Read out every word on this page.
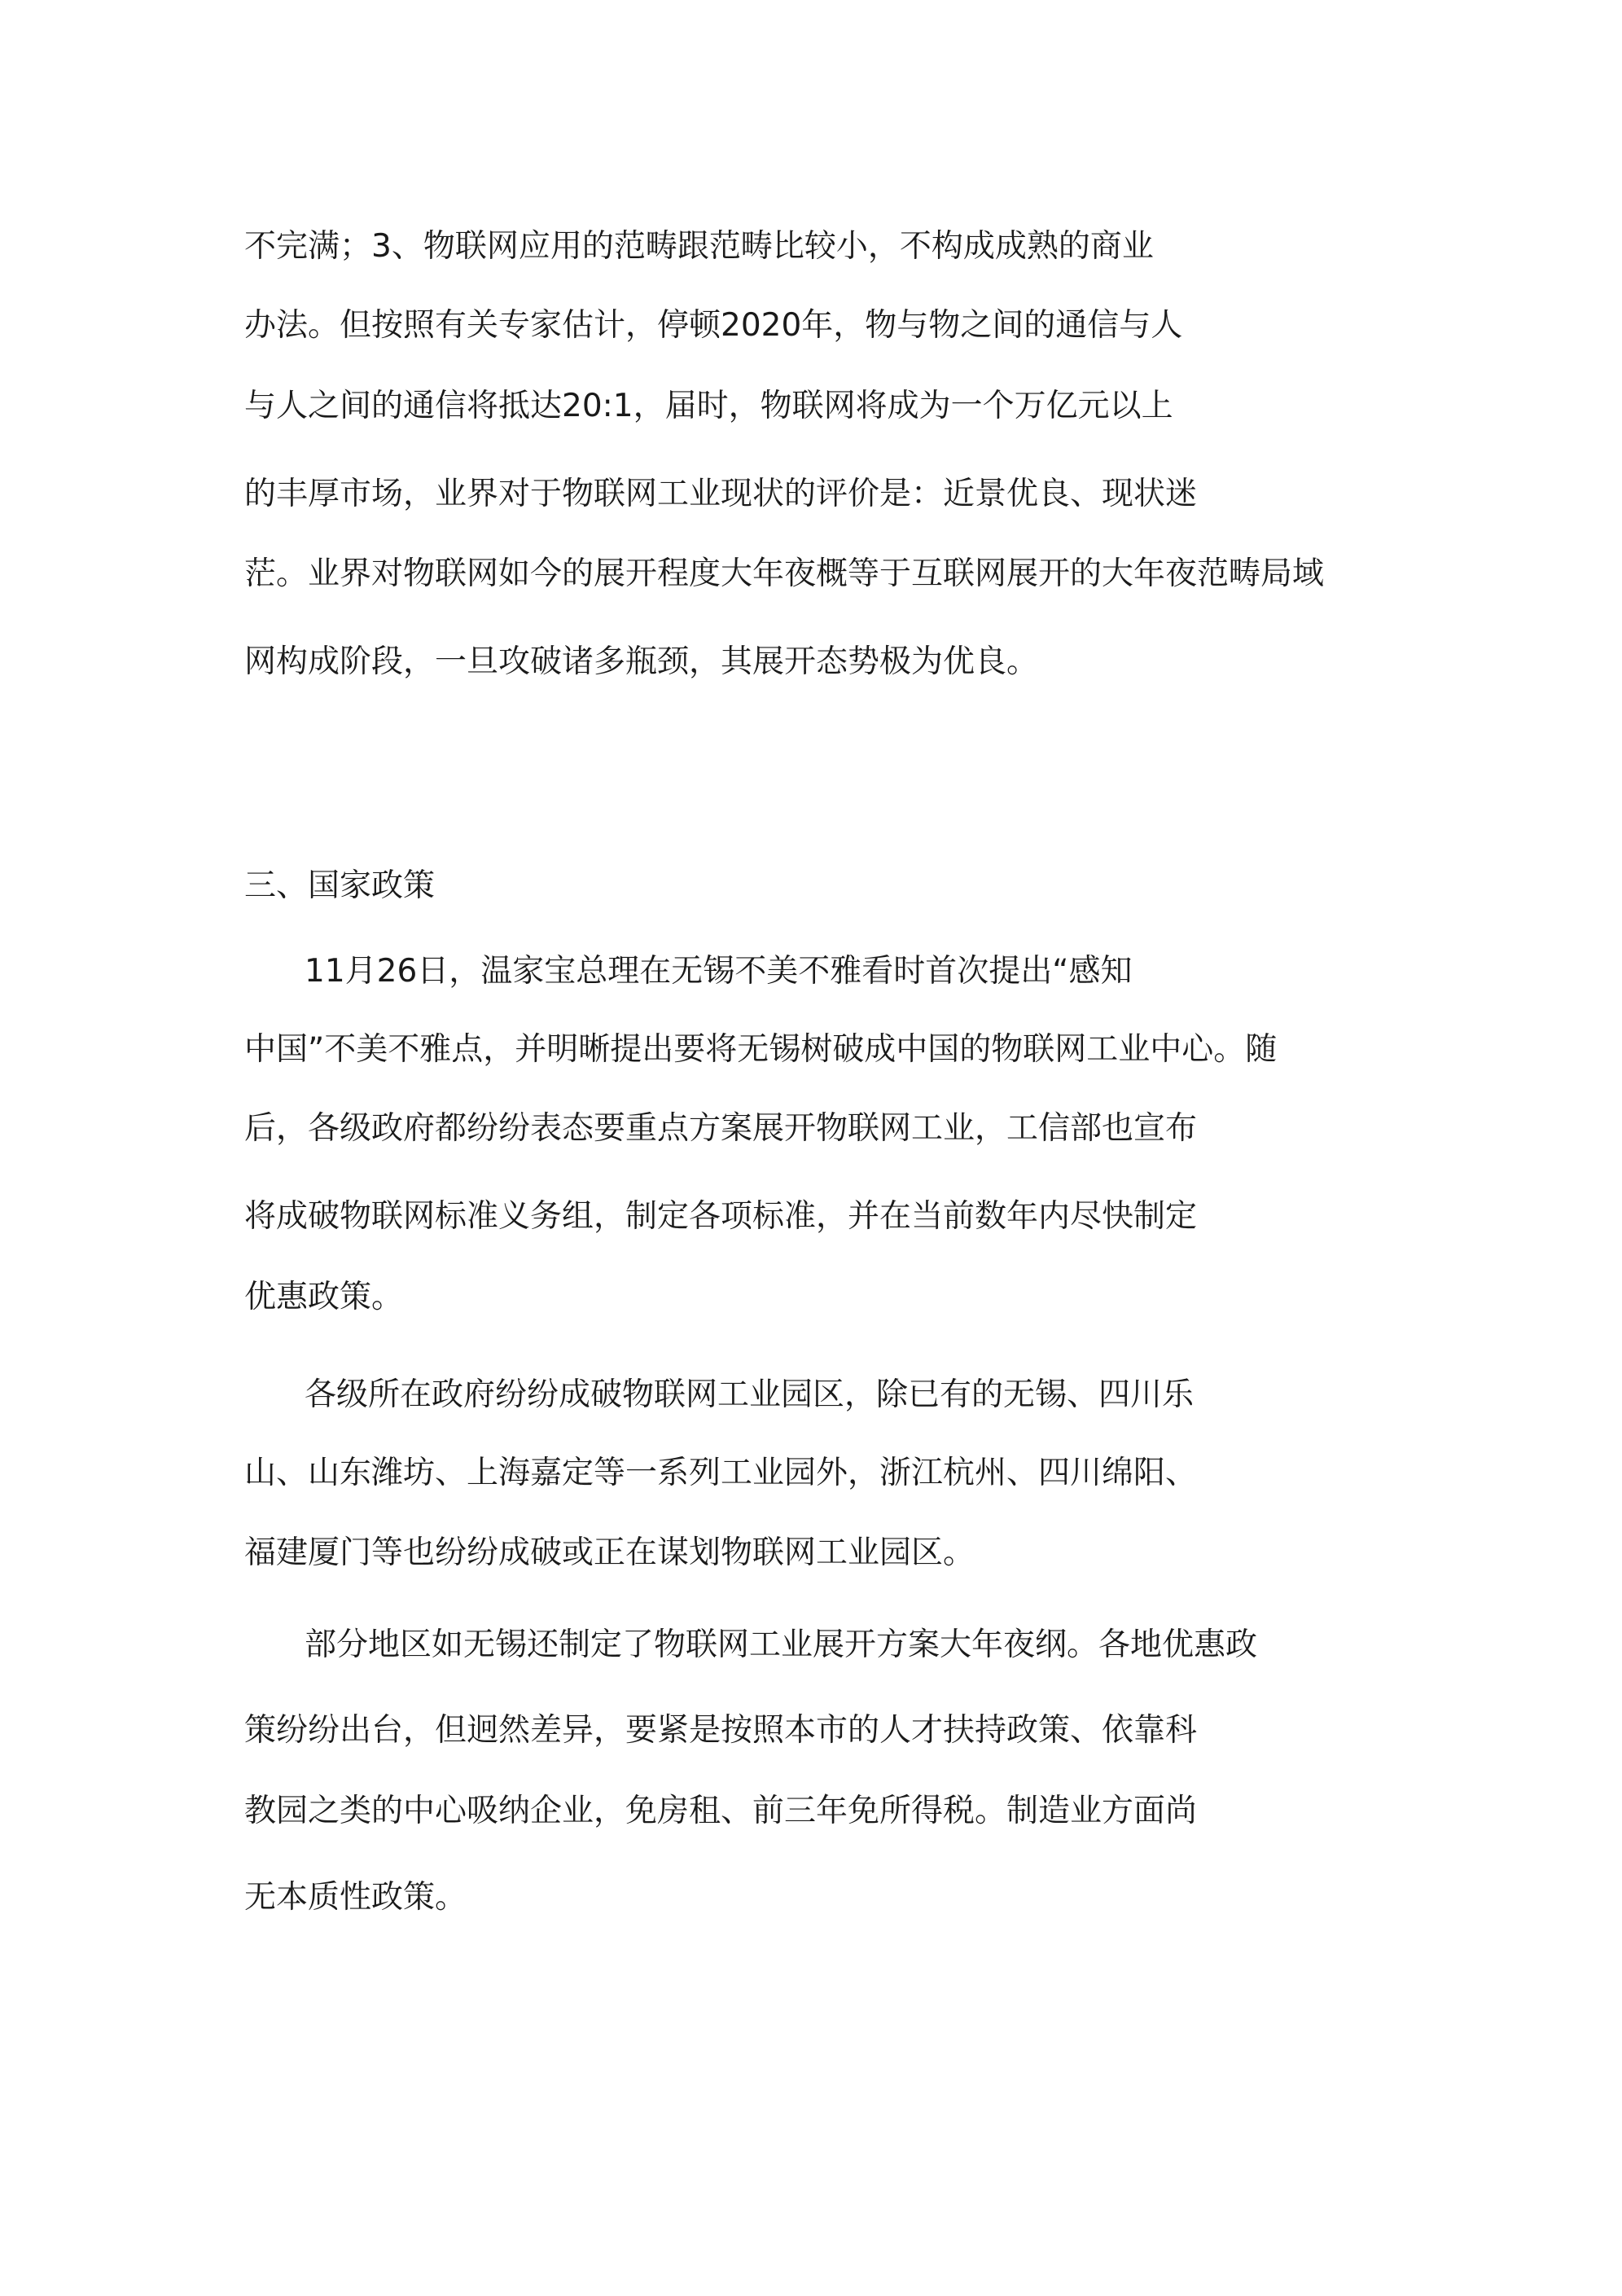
不完满；3、物联网应用的范畴跟范畴比较小，不构成成熟的商业
办法。但按照有关专家估计，停顿2020年，物与物之间的通信与人
与人之间的通信将抵达20:1，届时，物联网将成为一个万亿元以上
的丰厚市场，业界对于物联网工业现状的评价是：近景优良、现状迷
茫。业界对物联网如今的展开程度大年夜概等于互联网展开的大年夜范畴局域
网构成阶段，一旦攻破诸多瓶颈，其展开态势极为优良。
三、国家政策
11月26日，温家宝总理在无锡不美不雅看时首次提出“感知
中国”不美不雅点，并明晰提出要将无锡树破成中国的物联网工业中心。随
后，各级政府都纷纷表态要重点方案展开物联网工业，工信部也宣布
将成破物联网标准义务组，制定各项标准，并在当前数年内尽快制定
优惠政策。
各级所在政府纷纷成破物联网工业园区，除已有的无锡、四川乐
山、山东潍坊、上海嘉定等一系列工业园外，浙江杭州、四川绵阳、
福建厦门等也纷纷成破或正在谋划物联网工业园区。
部分地区如无锡还制定了物联网工业展开方案大年夜纲。各地优惠政
策纷纷出台，但迥然差异，要紧是按照本市的人才扶持政策、依靠科
教园之类的中心吸纳企业，免房租、前三年免所得税。制造业方面尚
无本质性政策。
